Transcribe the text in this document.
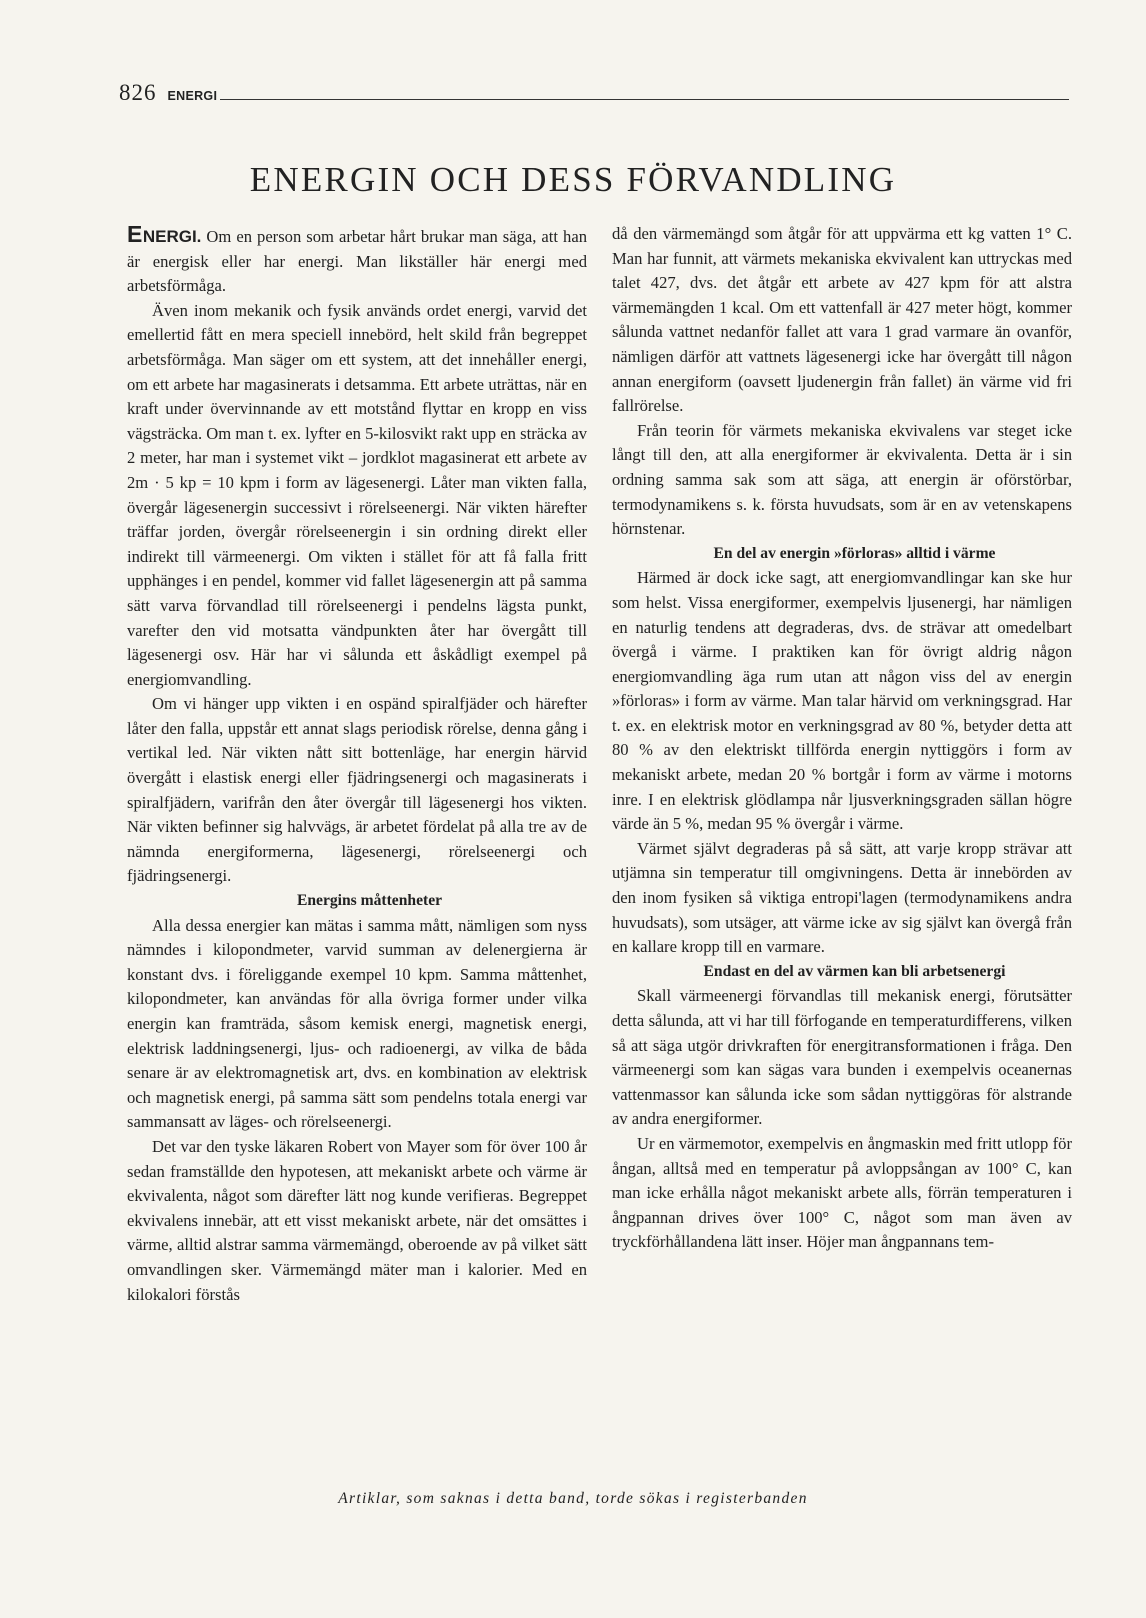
826 ENERGI
ENERGIN OCH DESS FÖRVANDLING

ENERGI. Om en person som arbetar hårt brukar man säga, att han är energisk eller har energi. Man likställer här energi med arbetsförmåga.

Även inom mekanik och fysik används ordet energi, varvid det emellertid fått en mera speciell innebörd, helt skild från begreppet arbetsförmåga. Man säger om ett system, att det innehåller energi, om ett arbete har magasinerats i detsamma. Ett arbete uträttas, när en kraft under övervinnande av ett motstånd flyttar en kropp en viss vägsträcka. Om man t. ex. lyfter en 5-kilosvikt rakt upp en sträcka av 2 meter, har man i systemet vikt – jordklot magasinerat ett arbete av 2m · 5 kp = 10 kpm i form av lägesenergi. Låter man vikten falla, övergår lägesenergin successivt i rörelseenergi. När vikten härefter träffar jorden, övergår rörelseenergin i sin ordning direkt eller indirekt till värmeenergi. Om vikten i stället för att få falla fritt upphänges i en pendel, kommer vid fallet lägesenergin att på samma sätt varva förvandlad till rörelseenergi i pendelns lägsta punkt, varefter den vid motsatta vändpunkten åter har övergått till lägesenergi osv. Här har vi sålunda ett åskådligt exempel på energiomvandling.

Om vi hänger upp vikten i en ospänd spiralfjäder och härefter låter den falla, uppstår ett annat slags periodisk rörelse, denna gång i vertikal led. När vikten nått sitt bottenläge, har energin härvid övergått i elastisk energi eller fjädringsenergi och magasinerats i spiralfjädern, varifrån den åter övergår till lägesenergi hos vikten. När vikten befinner sig halvvägs, är arbetet fördelat på alla tre av de nämnda energiformerna, lägesenergi, rörelseenergi och fjädringsenergi.

Energins måttenheter

Alla dessa energier kan mätas i samma mått, nämligen som nyss nämndes i kilopondmeter, varvid summan av delenergierna är konstant dvs. i föreliggande exempel 10 kpm. Samma måttenhet, kilopondmeter, kan användas för alla övriga former under vilka energin kan framträda, såsom kemisk energi, magnetisk energi, elektrisk laddningsenergi, ljus- och radioenergi, av vilka de båda senare är av elektromagnetisk art, dvs. en kombination av elektrisk och magnetisk energi, på samma sätt som pendelns totala energi var sammansatt av läges- och rörelseenergi.

Det var den tyske läkaren Robert von Mayer som för över 100 år sedan framställde den hypotesen, att mekaniskt arbete och värme är ekvivalenta, något som därefter lätt nog kunde verifieras. Begreppet ekvivalens innebär, att ett visst mekaniskt arbete, när det omsättes i värme, alltid alstrar samma värmemängd, oberoende av på vilket sätt omvandlingen sker. Värmemängd mäter man i kalorier. Med en kilokalori förstås

då den värmemängd som åtgår för att uppvärma ett kg vatten 1° C. Man har funnit, att värmets mekaniska ekvivalent kan uttryckas med talet 427, dvs. det åtgår ett arbete av 427 kpm för att alstra värmemängden 1 kcal. Om ett vattenfall är 427 meter högt, kommer sålunda vattnet nedanför fallet att vara 1 grad varmare än ovanför, nämligen därför att vattnets lägesenergi icke har övergått till någon annan energiform (oavsett ljudenergin från fallet) än värme vid fri fallrörelse.

Från teorin för värmets mekaniska ekvivalens var steget icke långt till den, att alla energiformer är ekvivalenta. Detta är i sin ordning samma sak som att säga, att energin är oförstörbar, termodynamikens s. k. första huvudsats, som är en av vetenskapens hörnstenar.

En del av energin »förloras» alltid i värme

Härmed är dock icke sagt, att energiomvandlingar kan ske hur som helst. Vissa energiformer, exempelvis ljusenergi, har nämligen en naturlig tendens att degraderas, dvs. de strävar att omedelbart övergå i värme. I praktiken kan för övrigt aldrig någon energiomvandling äga rum utan att någon viss del av energin »förloras» i form av värme. Man talar härvid om verkningsgrad. Har t. ex. en elektrisk motor en verkningsgrad av 80 %, betyder detta att 80 % av den elektriskt tillförda energin nyttiggörs i form av mekaniskt arbete, medan 20 % bortgår i form av värme i motorns inre. I en elektrisk glödlampa når ljusverkningsgraden sällan högre värde än 5 %, medan 95 % övergår i värme.

Värmet självt degraderas på så sätt, att varje kropp strävar att utjämna sin temperatur till omgivningens. Detta är innebörden av den inom fysiken så viktiga entropi'lagen (termodynamikens andra huvudsats), som utsäger, att värme icke av sig självt kan övergå från en kallare kropp till en varmare.

Endast en del av värmen kan bli arbetsenergi

Skall värmeenergi förvandlas till mekanisk energi, förutsätter detta sålunda, att vi har till förfogande en temperaturdifferens, vilken så att säga utgör drivkraften för energitransformationen i fråga. Den värmeenergi som kan sägas vara bunden i exempelvis oceanernas vattenmassor kan sålunda icke som sådan nyttiggöras för alstrande av andra energiformer.

Ur en värmemotor, exempelvis en ångmaskin med fritt utlopp för ångan, alltså med en temperatur på avloppsångan av 100° C, kan man icke erhålla något mekaniskt arbete alls, förrän temperaturen i ångpannan drives över 100° C, något som man även av tryckförhållandena lätt inser. Höjer man ångpannans tem-

Artiklar, som saknas i detta band, torde sökas i registerbanden
